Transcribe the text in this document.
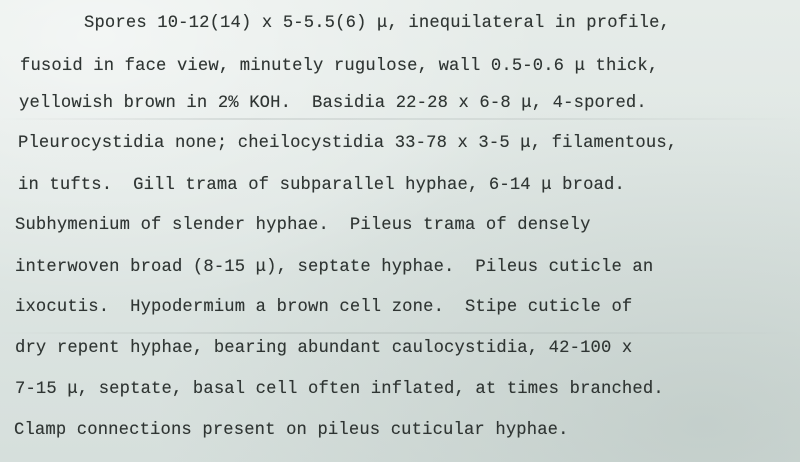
Spores 10-12(14) x 5-5.5(6) μ, inequilateral in profile,
fusoid in face view, minutely rugulose, wall 0.5-0.6 μ thick,
yellowish brown in 2% KOH.  Basidia 22-28 x 6-8 μ, 4-spored.
Pleurocystidia none; cheilocystidia 33-78 x 3-5 μ, filamentous,
in tufts.  Gill trama of subparallel hyphae, 6-14 μ broad.
Subhymenium of slender hyphae.  Pileus trama of densely
interwoven broad (8-15 μ), septate hyphae.  Pileus cuticle an
ixocutis.  Hypodermium a brown cell zone.  Stipe cuticle of
dry repent hyphae, bearing abundant caulocystidia, 42-100 x
7-15 μ, septate, basal cell often inflated, at times branched.
Clamp connections present on pileus cuticular hyphae.
